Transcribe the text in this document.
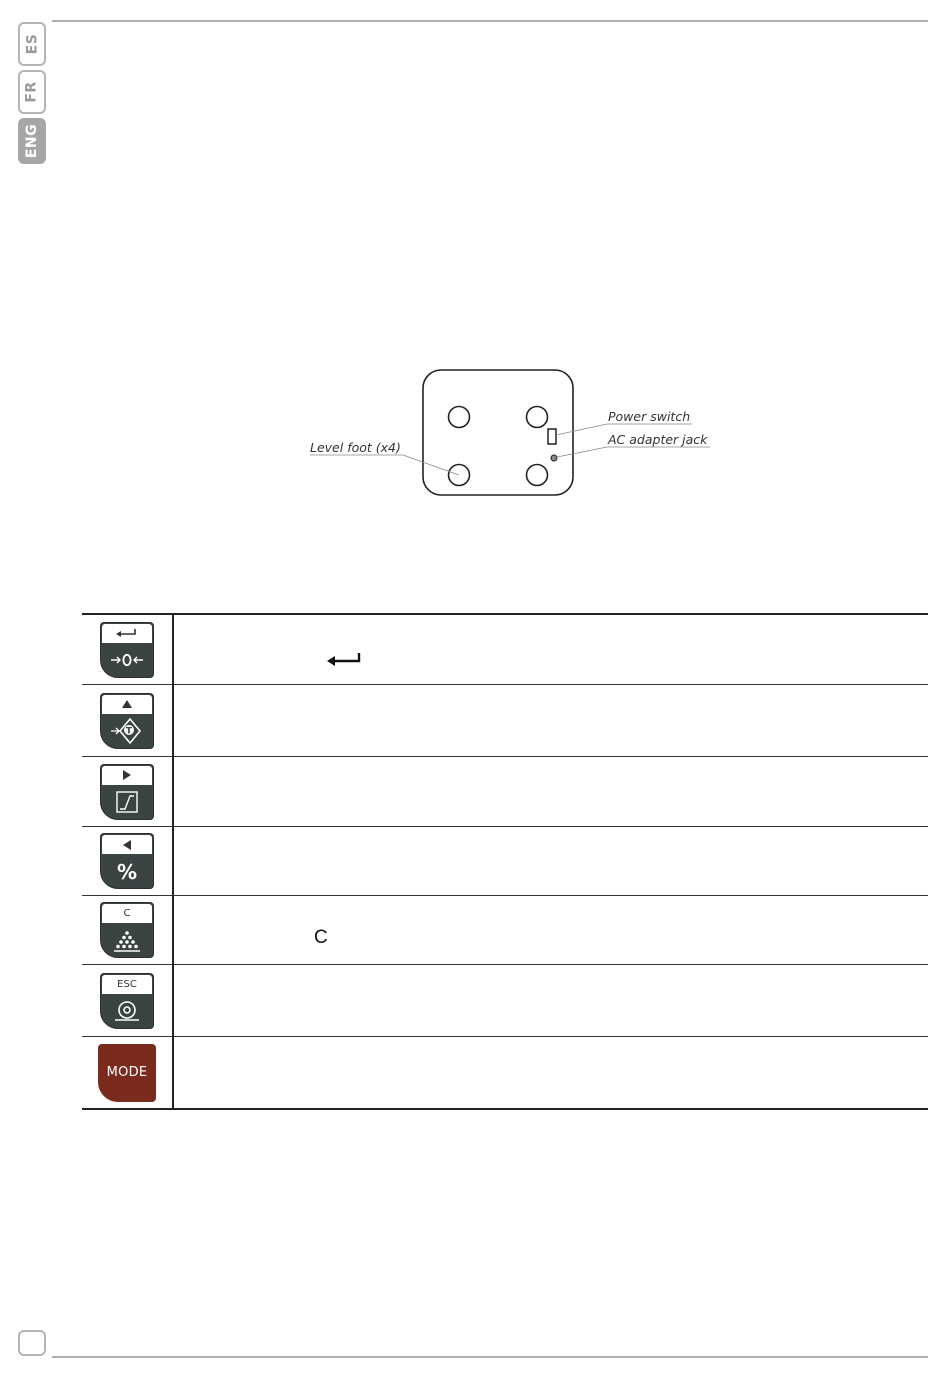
ES
FR
ENG
Power switch
AC adapter jack
Level foot (x4)
T
%
C
C
ESC
MODE
